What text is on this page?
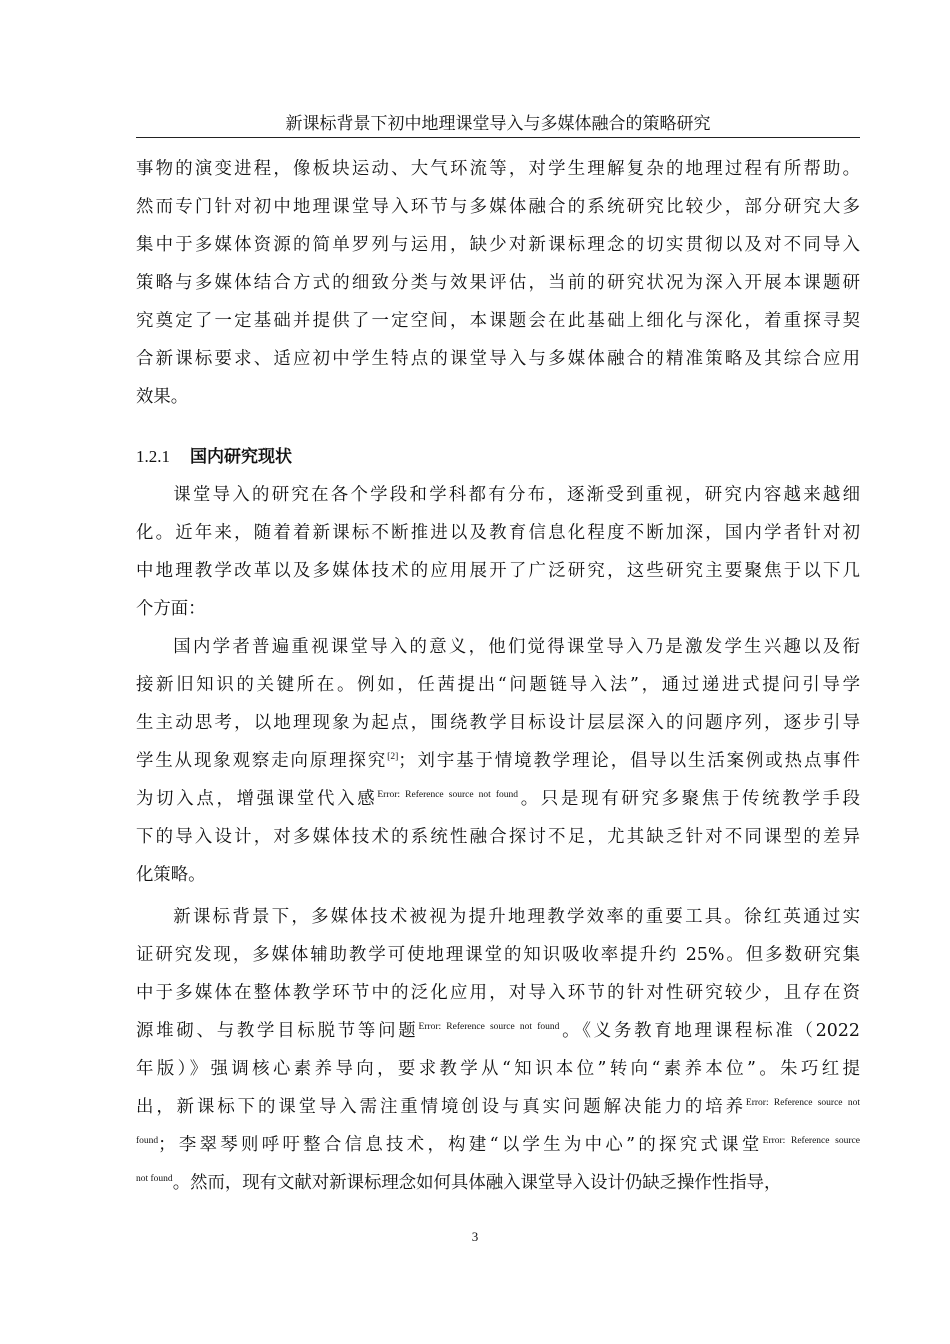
新课标背景下初中地理课堂导入与多媒体融合的策略研究
事物的演变进程，像板块运动、大气环流等，对学生理解复杂的地理过程有所帮助。
然而专门针对初中地理课堂导入环节与多媒体融合的系统研究比较少，部分研究大多
集中于多媒体资源的简单罗列与运用，缺少对新课标理念的切实贯彻以及对不同导入
策略与多媒体结合方式的细致分类与效果评估，当前的研究状况为深入开展本课题研
究奠定了一定基础并提供了一定空间，本课题会在此基础上细化与深化，着重探寻契
合新课标要求、适应初中学生特点的课堂导入与多媒体融合的精准策略及其综合应用
效果。
1.2.1 国内研究现状
课堂导入的研究在各个学段和学科都有分布，逐渐受到重视，研究内容越来越细
化。近年来，随着着新课标不断推进以及教育信息化程度不断加深，国内学者针对初
中地理教学改革以及多媒体技术的应用展开了广泛研究，这些研究主要聚焦于以下几
个方面：
国内学者普遍重视课堂导入的意义，他们觉得课堂导入乃是激发学生兴趣以及衔
接新旧知识的关键所在。例如，任茜提出“问题链导入法”，通过递进式提问引导学
生主动思考，以地理现象为起点，围绕教学目标设计层层深入的问题序列，逐步引导
学生从现象观察走向原理探究[2]；刘宇基于情境教学理论，倡导以生活案例或热点事件
为切入点，增强课堂代入感$^{Error: Reference source not found}$。只是现有研究多聚焦于传统教学手段
下的导入设计，对多媒体技术的系统性融合探讨不足，尤其缺乏针对不同课型的差异
化策略。
新课标背景下，多媒体技术被视为提升地理教学效率的重要工具。徐红英通过实
证研究发现，多媒体辅助教学可使地理课堂的知识吸收率提升约 25%。但多数研究集
中于多媒体在整体教学环节中的泛化应用，对导入环节的针对性研究较少，且存在资
源堆砌、与教学目标脱节等问题$^{Error: Reference source not found}$。《义务教育地理课程标准（2022
年版）》强调核心素养导向，要求教学从“知识本位”转向“素养本位”。朱巧红提
出，新课标下的课堂导入需注重情境创设与真实问题解决能力的培养$^{Error: Reference source not}$
$^{found}$；李翠琴则呼吁整合信息技术，构建“以学生为中心”的探究式课堂$^{Error: Reference source}$
$^{not found}$。然而，现有文献对新课标理念如何具体融入课堂导入设计仍缺乏操作性指导，
3
